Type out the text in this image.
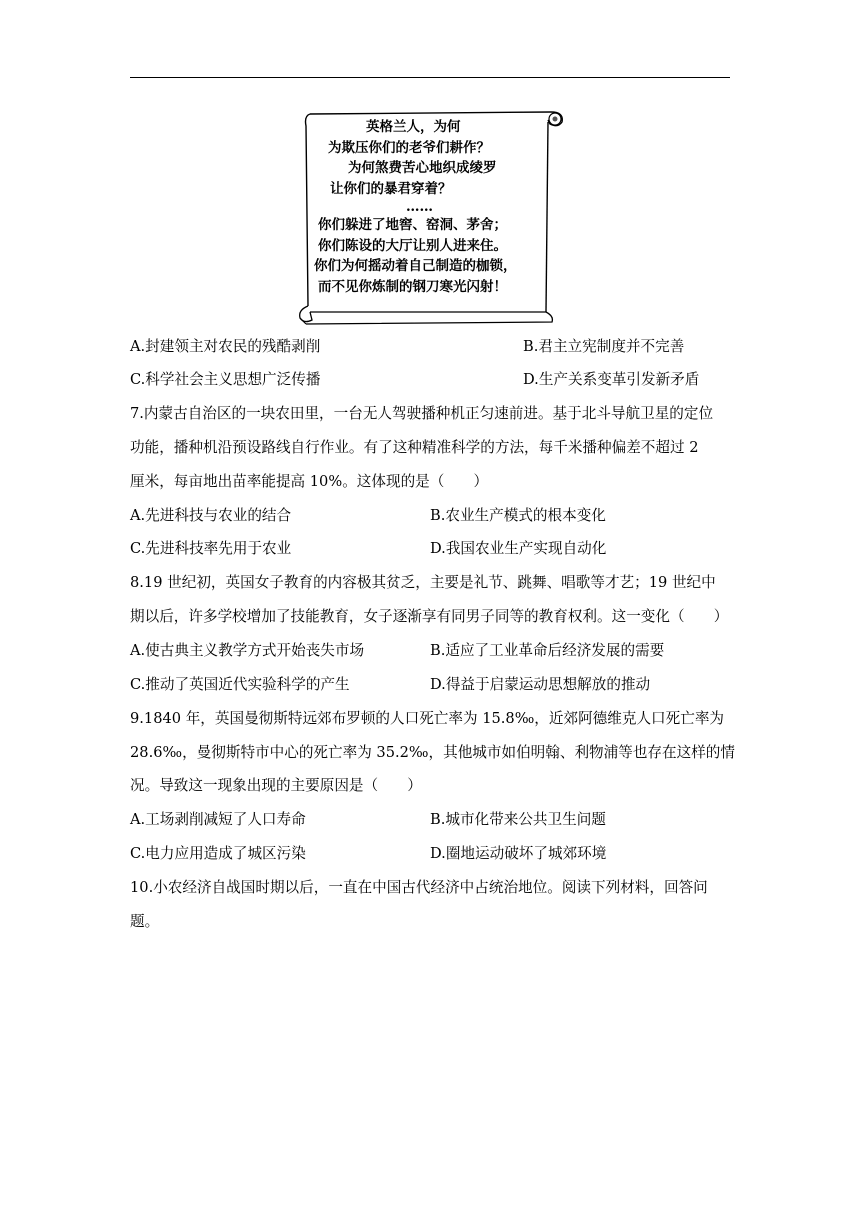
英格兰人，为何
为欺压你们的老爷们耕作？
为何煞费苦心地织成绫罗
让你们的暴君穿着？
……
你们躲进了地窖、窑洞、茅舍；
你们陈设的大厅让别人进来住。
你们为何摇动着自己制造的枷锁，
而不见你炼制的钢刀寒光闪射！
A.封建领主对农民的残酷剥削	B.君主立宪制度并不完善
C.科学社会主义思想广泛传播	D.生产关系变革引发新矛盾
7.内蒙古自治区的一块农田里，一台无人驾驶播种机正匀速前进。基于北斗导航卫星的定位
功能，播种机沿预设路线自行作业。有了这种精准科学的方法，每千米播种偏差不超过 2
厘米，每亩地出苗率能提高 10%。这体现的是（　　）
A.先进科技与农业的结合	B.农业生产模式的根本变化
C.先进科技率先用于农业	D.我国农业生产实现自动化
8.19 世纪初，英国女子教育的内容极其贫乏，主要是礼节、跳舞、唱歌等才艺；19 世纪中
期以后，许多学校增加了技能教育，女子逐渐享有同男子同等的教育权利。这一变化（　　）
A.使古典主义教学方式开始丧失市场	B.适应了工业革命后经济发展的需要
C.推动了英国近代实验科学的产生	D.得益于启蒙运动思想解放的推动
9.1840 年，英国曼彻斯特远郊布罗顿的人口死亡率为 15.8‰，近郊阿德维克人口死亡率为
28.6‰，曼彻斯特市中心的死亡率为 35.2‰，其他城市如伯明翰、利物浦等也存在这样的情
况。导致这一现象出现的主要原因是（　　）
A.工场剥削减短了人口寿命	B.城市化带来公共卫生问题
C.电力应用造成了城区污染	D.圈地运动破坏了城郊环境
10.小农经济自战国时期以后，一直在中国古代经济中占统治地位。阅读下列材料，回答问
题。
